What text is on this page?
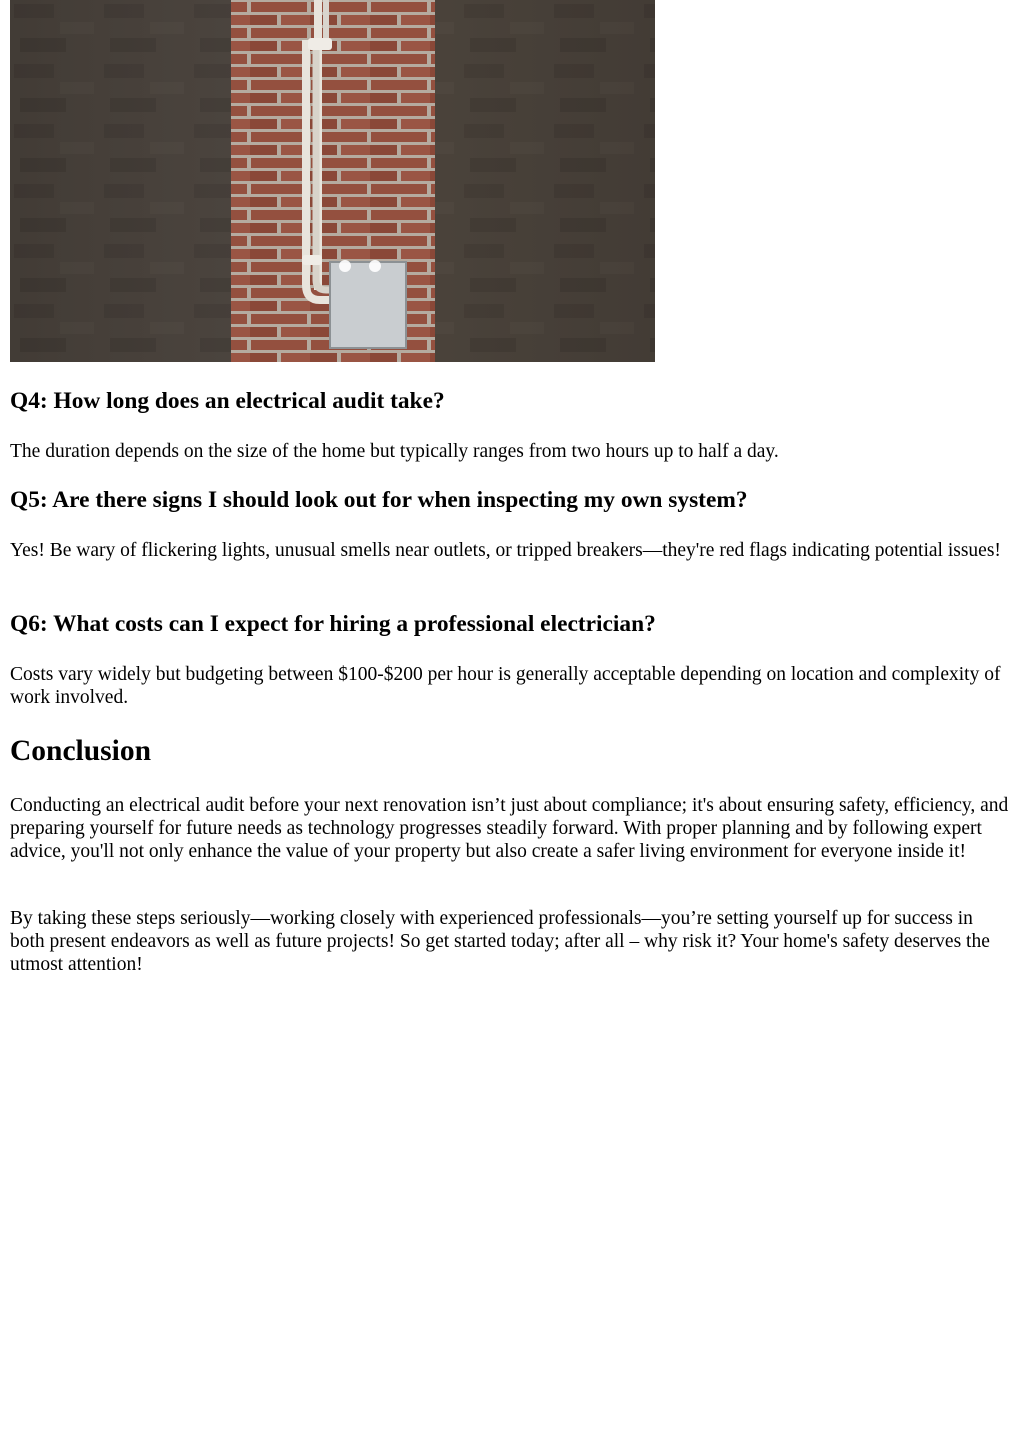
Q4: How long does an electrical audit take?

The duration depends on the size of the home but typically ranges from two hours up to half a day.

Q5: Are there signs I should look out for when inspecting my own system?

Yes! Be wary of flickering lights, unusual smells near outlets, or tripped breakers—they're red flags indicating potential issues!

Q6: What costs can I expect for hiring a professional electrician?

Costs vary widely but budgeting between $100-$200 per hour is generally acceptable depending on location and complexity of work involved.

Conclusion

Conducting an electrical audit before your next renovation isn’t just about compliance; it's about ensuring safety, efficiency, and preparing yourself for future needs as technology progresses steadily forward. With proper planning and by following expert advice, you'll not only enhance the value of your property but also create a safer living environment for everyone inside it!

By taking these steps seriously—working closely with experienced professionals—you’re setting yourself up for success in both present endeavors as well as future projects! So get started today; after all – why risk it? Your home's safety deserves the utmost attention!
